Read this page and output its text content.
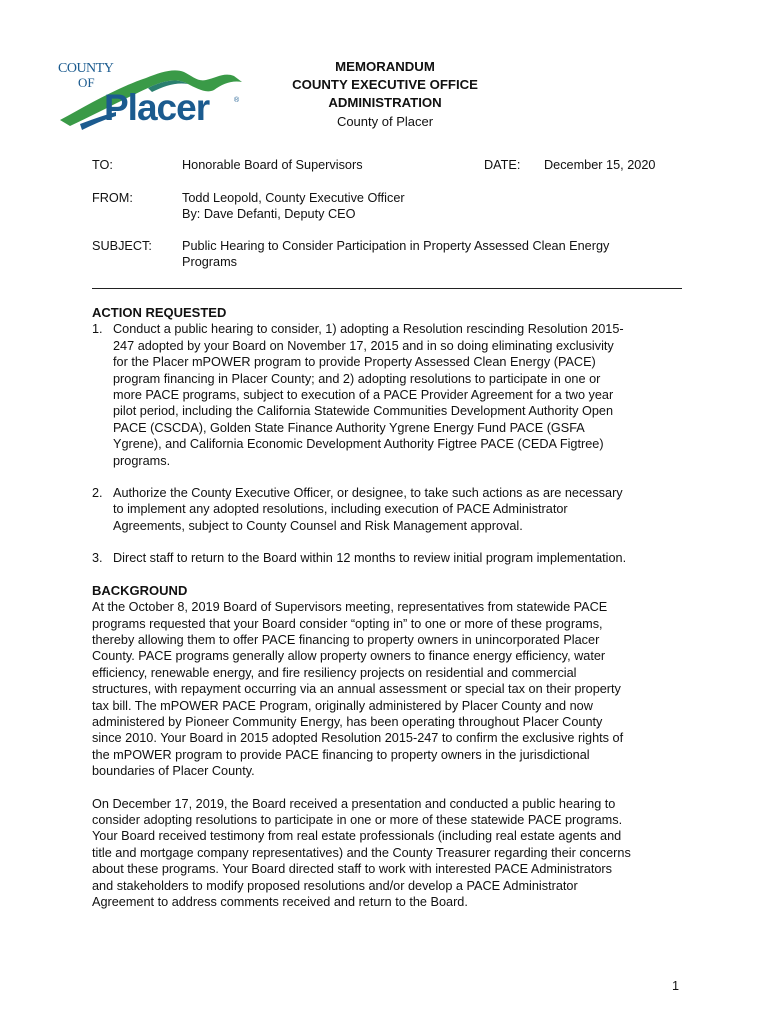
COUNTY
OF
Placer	®
MEMORANDUM
COUNTY EXECUTIVE OFFICE
ADMINISTRATION
County of Placer
TO:	Honorable Board of Supervisors	DATE: December 15, 2020
FROM:	Todd Leopold, County Executive Officer
By: Dave Defanti, Deputy CEO
SUBJECT: Public Hearing to Consider Participation in Property Assessed Clean Energy
Programs
ACTION REQUESTED
1. Conduct a public hearing to consider, 1) adopting a Resolution rescinding Resolution 2015-
247 adopted by your Board on November 17, 2015 and in so doing eliminating exclusivity
for the Placer mPOWER program to provide Property Assessed Clean Energy (PACE)
program financing in Placer County; and 2) adopting resolutions to participate in one or
more PACE programs, subject to execution of a PACE Provider Agreement for a two year
pilot period, including the California Statewide Communities Development Authority Open
PACE (CSCDA), Golden State Finance Authority Ygrene Energy Fund PACE (GSFA
Ygrene), and California Economic Development Authority Figtree PACE (CEDA Figtree)
programs.
2. Authorize the County Executive Officer, or designee, to take such actions as are necessary
to implement any adopted resolutions, including execution of PACE Administrator
Agreements, subject to County Counsel and Risk Management approval.
3. Direct staff to return to the Board within 12 months to review initial program implementation.
BACKGROUND
At the October 8, 2019 Board of Supervisors meeting, representatives from statewide PACE
programs requested that your Board consider “opting in” to one or more of these programs,
thereby allowing them to offer PACE financing to property owners in unincorporated Placer
County. PACE programs generally allow property owners to finance energy efficiency, water
efficiency, renewable energy, and fire resiliency projects on residential and commercial
structures, with repayment occurring via an annual assessment or special tax on their property
tax bill. The mPOWER PACE Program, originally administered by Placer County and now
administered by Pioneer Community Energy, has been operating throughout Placer County
since 2010. Your Board in 2015 adopted Resolution 2015-247 to confirm the exclusive rights of
the mPOWER program to provide PACE financing to property owners in the jurisdictional
boundaries of Placer County.
On December 17, 2019, the Board received a presentation and conducted a public hearing to
consider adopting resolutions to participate in one or more of these statewide PACE programs.
Your Board received testimony from real estate professionals (including real estate agents and
title and mortgage company representatives) and the County Treasurer regarding their concerns
about these programs. Your Board directed staff to work with interested PACE Administrators
and stakeholders to modify proposed resolutions and/or develop a PACE Administrator
Agreement to address comments received and return to the Board.
1
